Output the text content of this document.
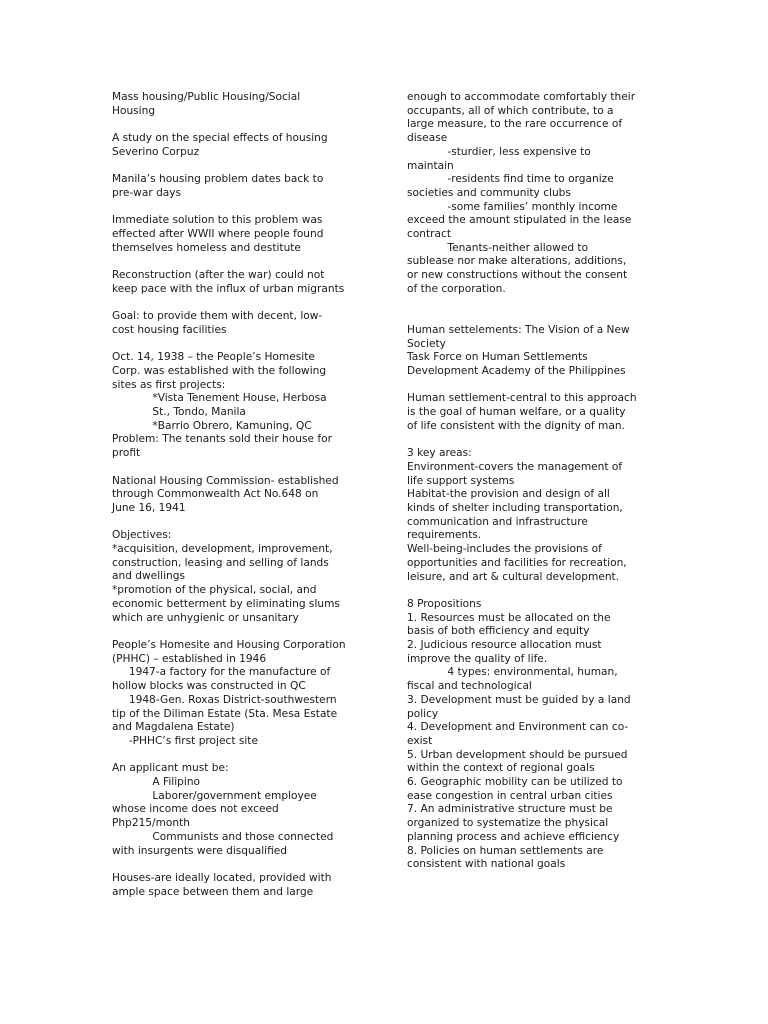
Mass housing/Public Housing/Social
Housing
A study on the special effects of housing
Severino Corpuz
Manila’s housing problem dates back to
pre-war days
Immediate solution to this problem was
effected after WWII where people found
themselves homeless and destitute
Reconstruction (after the war) could not
keep pace with the influx of urban migrants
Goal: to provide them with decent, low-
cost housing facilities
Oct. 14, 1938 – the People’s Homesite
Corp. was established with the following
sites as first projects:
*Vista Tenement House, Herbosa
St., Tondo, Manila
*Barrio Obrero, Kamuning, QC
Problem: The tenants sold their house for
profit
National Housing Commission- established
through Commonwealth Act No.648 on
June 16, 1941
Objectives:
*acquisition, development, improvement,
construction, leasing and selling of lands
and dwellings
*promotion of the physical, social, and
economic betterment by eliminating slums
which are unhygienic or unsanitary
People’s Homesite and Housing Corporation
(PHHC) – established in 1946
1947-a factory for the manufacture of
hollow blocks was constructed in QC
1948-Gen. Roxas District-southwestern
tip of the Diliman Estate (Sta. Mesa Estate
and Magdalena Estate)
-PHHC’s first project site
An applicant must be:
A Filipino
Laborer/government employee
whose income does not exceed
Php215/month
Communists and those connected
with insurgents were disqualified
Houses-are ideally located, provided with
ample space between them and large
enough to accommodate comfortably their
occupants, all of which contribute, to a
large measure, to the rare occurrence of
disease
-sturdier, less expensive to
maintain
-residents find time to organize
societies and community clubs
-some families’ monthly income
exceed the amount stipulated in the lease
contract
Tenants-neither allowed to
sublease nor make alterations, additions,
or new constructions without the consent
of the corporation.
Human settelements: The Vision of a New
Society
Task Force on Human Settlements
Development Academy of the Philippines
Human settlement-central to this approach
is the goal of human welfare, or a quality
of life consistent with the dignity of man.
3 key areas:
Environment-covers the management of
life support systems
Habitat-the provision and design of all
kinds of shelter including transportation,
communication and infrastructure
requirements.
Well-being-includes the provisions of
opportunities and facilities for recreation,
leisure, and art & cultural development.
8 Propositions
1. Resources must be allocated on the
basis of both efficiency and equity
2. Judicious resource allocation must
improve the quality of life.
4 types: environmental, human,
fiscal and technological
3. Development must be guided by a land
policy
4. Development and Environment can co-
exist
5. Urban development should be pursued
within the context of regional goals
6. Geographic mobility can be utilized to
ease congestion in central urban cities
7. An administrative structure must be
organized to systematize the physical
planning process and achieve efficiency
8. Policies on human settlements are
consistent with national goals
